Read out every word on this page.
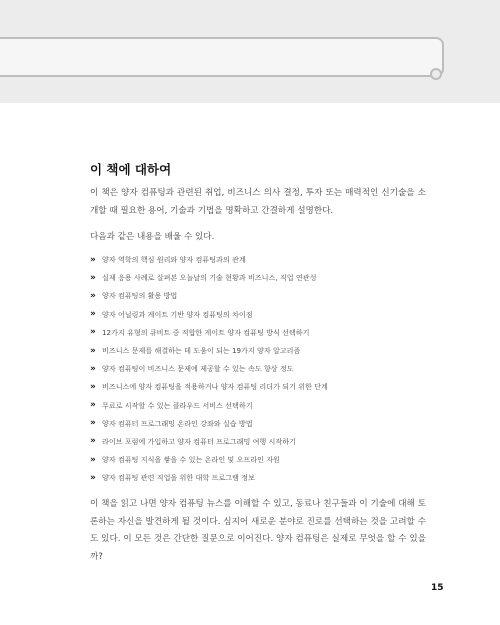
이 책에 대하여

이 책은 양자 컴퓨팅과 관련된 취업, 비즈니스 의사 결정, 투자 또는 매력적인 신기술을 소개할 때 필요한 용어, 기술과 기법을 명확하고 간결하게 설명한다.

다음과 같은 내용을 배울 수 있다.

»	양자 역학의 핵심 원리와 양자 컴퓨팅과의 관계
»	실제 응용 사례로 살펴본 오늘날의 기술 현황과 비즈니스, 직업 연관성
»	양자 컴퓨팅의 활용 방법
»	양자 어닐링과 게이트 기반 양자 컴퓨팅의 차이점
»	12가지 유형의 큐비트 중 적합한 게이트 양자 컴퓨팅 방식 선택하기
»	비즈니스 문제를 해결하는 데 도움이 되는 19가지 양자 알고리즘
»	양자 컴퓨팅이 비즈니스 문제에 제공할 수 있는 속도 향상 정도
»	비즈니스에 양자 컴퓨팅을 적용하거나 양자 컴퓨팅 리더가 되기 위한 단계
»	무료로 시작할 수 있는 클라우드 서비스 선택하기
»	양자 컴퓨터 프로그래밍 온라인 강좌와 실습 방법
»	라이브 포럼에 가입하고 양자 컴퓨터 프로그래밍 여행 시작하기
»	양자 컴퓨팅 지식을 쌓을 수 있는 온라인 및 오프라인 자원
»	양자 컴퓨팅 관련 직업을 위한 대학 프로그램 정보

이 책을 읽고 나면 양자 컴퓨팅 뉴스를 이해할 수 있고, 동료나 친구들과 이 기술에 대해 토론하는 자신을 발견하게 될 것이다. 심지어 새로운 분야로 진로를 선택하는 것을 고려할 수도 있다. 이 모든 것은 간단한 질문으로 이어진다. 양자 컴퓨팅은 실제로 무엇을 할 수 있을까?

15
